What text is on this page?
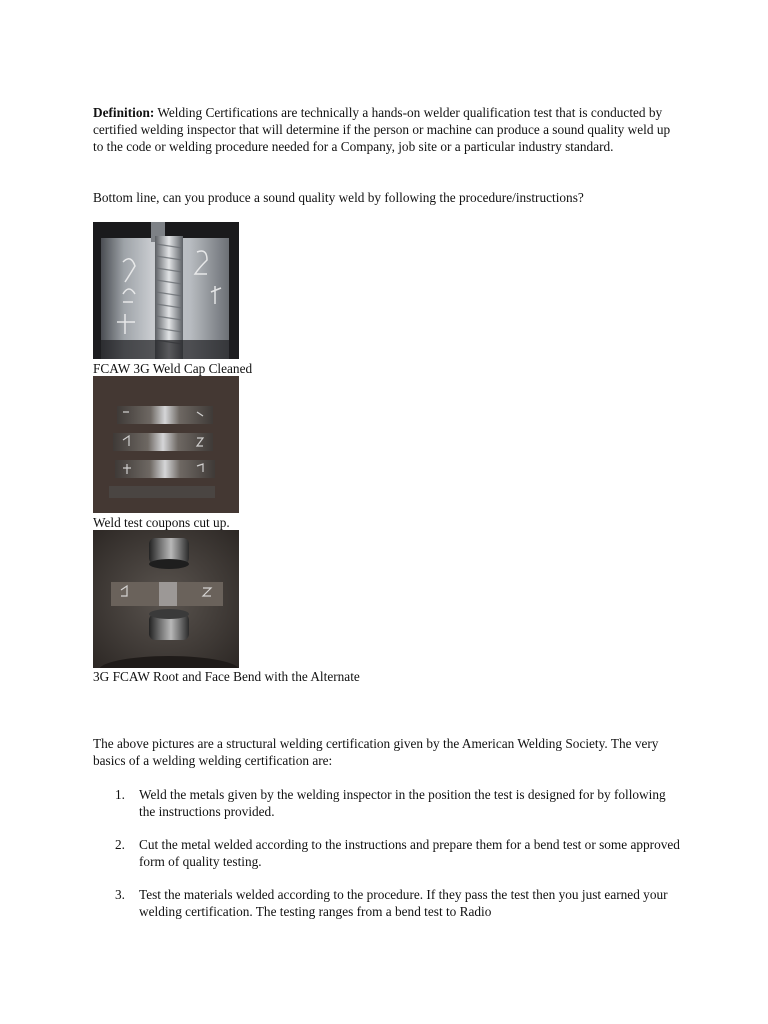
Definition: Welding Certifications are technically a hands-on welder qualification test that is conducted by certified welding inspector that will determine if the person or machine can produce a sound quality weld up to the code or welding procedure needed for a Company, job site or a particular industry standard.

Bottom line, can you produce a sound quality weld by following the procedure/instructions?

FCAW 3G Weld Cap Cleaned

Weld test coupons cut up.

3G FCAW Root and Face Bend with the Alternate

The above pictures are a structural welding certification given by the American Welding Society. The very basics of a welding welding certification are:

1. Weld the metals given by the welding inspector in the position the test is designed for by following the instructions provided.
2. Cut the metal welded according to the instructions and prepare them for a bend test or some approved form of quality testing.
3. Test the materials welded according to the procedure. If they pass the test then you just earned your welding certification. The testing ranges from a bend test to Radio
